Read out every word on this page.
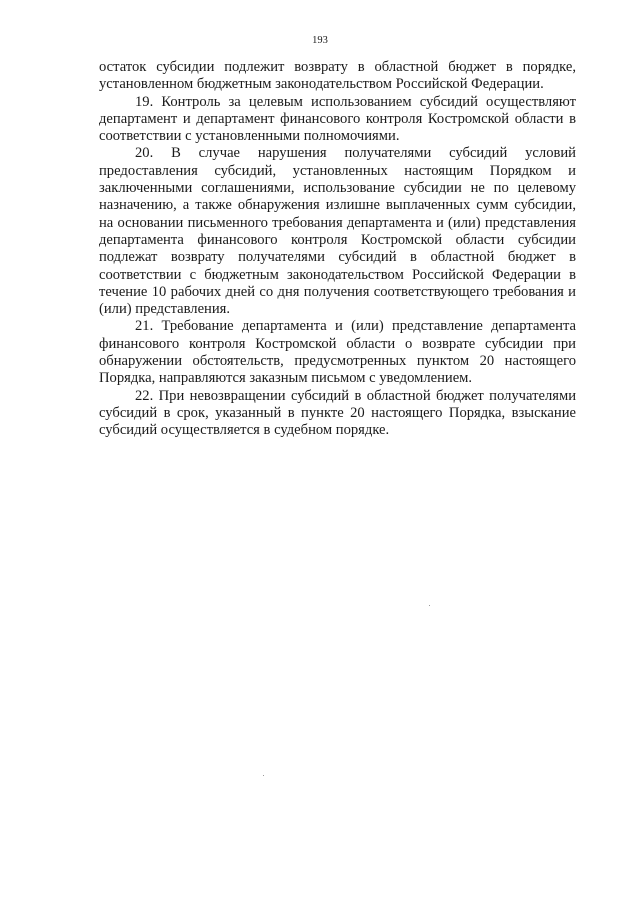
193

остаток субсидии подлежит возврату в областной бюджет в порядке, установленном бюджетным законодательством Российской Федерации.

19. Контроль за целевым использованием субсидий осуществляют департамент и департамент финансового контроля Костромской области в соответствии с установленными полномочиями.

20. В случае нарушения получателями субсидий условий предоставления субсидий, установленных настоящим Порядком и заключенными соглашениями, использование субсидии не по целевому назначению, а также обнаружения излишне выплаченных сумм субсидии, на основании письменного требования департамента и (или) представления департамента финансового контроля Костромской области субсидии подлежат возврату получателями субсидий в областной бюджет в соответствии с бюджетным законодательством Российской Федерации в течение 10 рабочих дней со дня получения соответствующего требования и (или) представления.

21. Требование департамента и (или) представление департамента финансового контроля Костромской области о возврате субсидии при обнаружении обстоятельств, предусмотренных пунктом 20 настоящего Порядка, направляются заказным письмом с уведомлением.

22. При невозвращении субсидий в областной бюджет получателями субсидий в срок, указанный в пункте 20 настоящего Порядка, взыскание субсидий осуществляется в судебном порядке.
